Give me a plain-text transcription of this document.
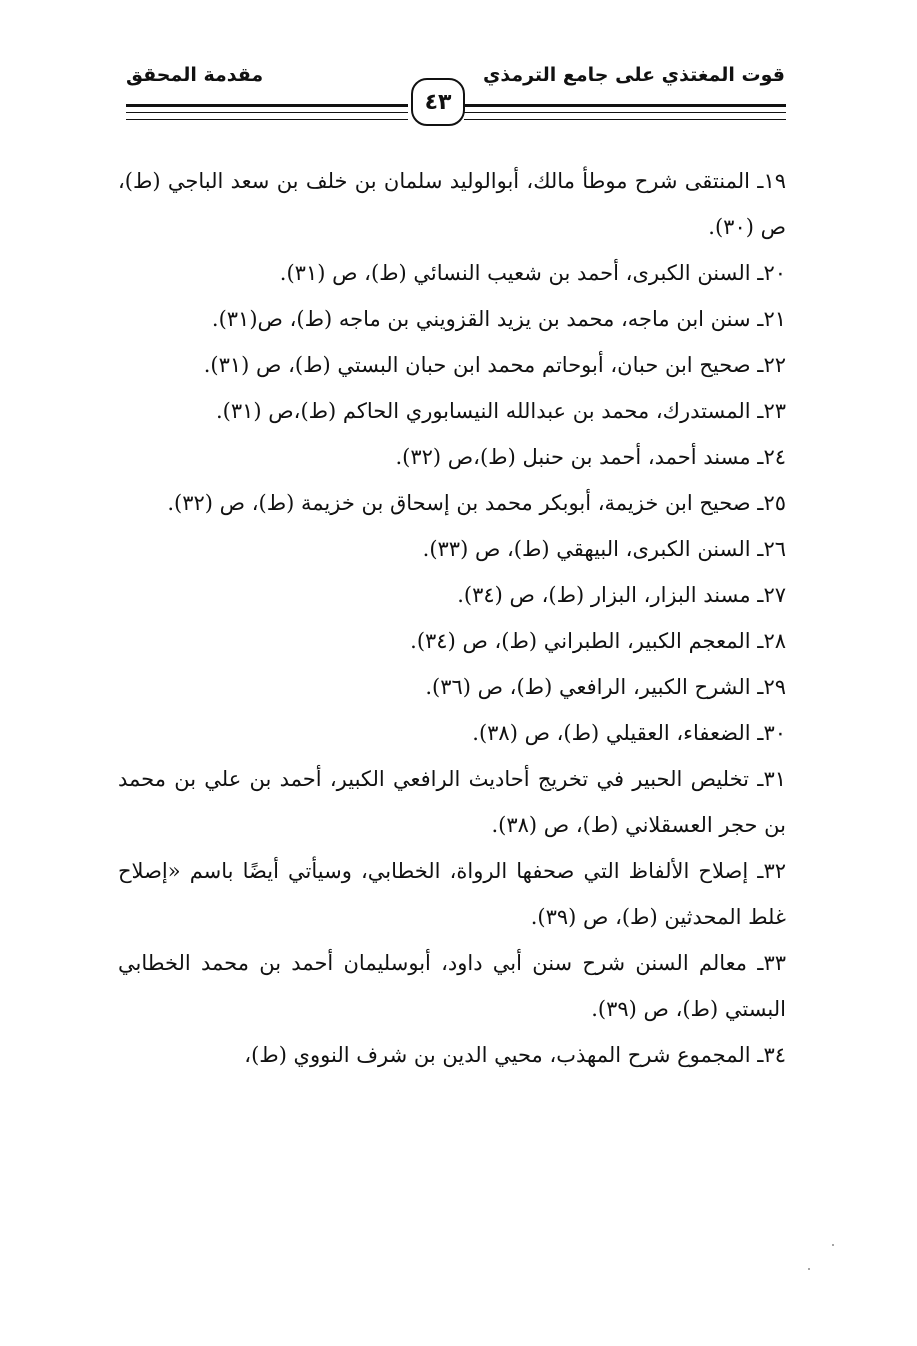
قوت المغتذي على جامع الترمذي
مقدمة المحقق
٤٣

١٩ـ المنتقى شرح موطأ مالك، أبوالوليد سلمان بن خلف بن سعد الباجي (ط)، ص (٣٠).

٢٠ـ السنن الكبرى، أحمد بن شعيب النسائي (ط)، ص (٣١).

٢١ـ سنن ابن ماجه، محمد بن يزيد القزويني بن ماجه (ط)، ص(٣١).

٢٢ـ صحيح ابن حبان، أبوحاتم محمد ابن حبان البستي (ط)، ص (٣١).

٢٣ـ المستدرك، محمد بن عبدالله النيسابوري الحاكم (ط)،ص (٣١).

٢٤ـ مسند أحمد، أحمد بن حنبل (ط)،ص (٣٢).

٢٥ـ صحيح ابن خزيمة، أبوبكر محمد بن إسحاق بن خزيمة (ط)، ص (٣٢).

٢٦ـ السنن الكبرى، البيهقي (ط)، ص (٣٣).

٢٧ـ مسند البزار، البزار (ط)، ص (٣٤).

٢٨ـ المعجم الكبير، الطبراني (ط)، ص (٣٤).

٢٩ـ الشرح الكبير، الرافعي (ط)، ص (٣٦).

٣٠ـ الضعفاء، العقيلي (ط)، ص (٣٨).

٣١ـ تخليص الحبير في تخريج أحاديث الرافعي الكبير، أحمد بن علي بن محمد بن حجر العسقلاني (ط)، ص (٣٨).

٣٢ـ إصلاح الألفاظ التي صحفها الرواة، الخطابي، وسيأتي أيضًا باسم «إصلاح غلط المحدثين (ط)، ص (٣٩).

٣٣ـ معالم السنن شرح سنن أبي داود، أبوسليمان أحمد بن محمد الخطابي البستي (ط)، ص (٣٩).

٣٤ـ المجموع شرح المهذب، محيي الدين بن شرف النووي (ط)،
